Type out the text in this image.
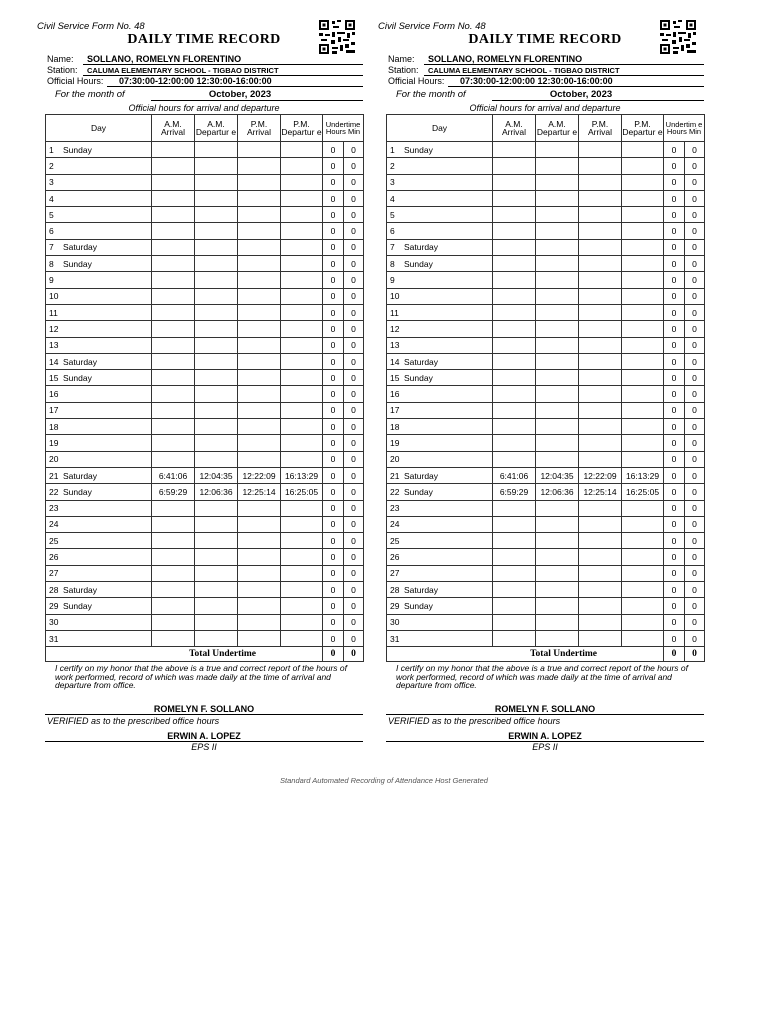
Civil Service Form No. 48
DAILY TIME RECORD
Name: SOLLANO, ROMELYN FLORENTINO
Station: CALUMA ELEMENTARY SCHOOL - TIGBAO DISTRICT
Official Hours: 07:30:00-12:00:00 12:30:00-16:00:00
For the month of	October, 2023
Official hours for arrival and departure
Day	A.M. Arrival	A.M. Departur e	P.M. Arrival	P.M. Departur e	Undertime Hours Min	
1 Sunday					0	0
2					0	0
3					0	0
4					0	0
5					0	0
6					0	0
7 Saturday					0	0
8 Sunday					0	0
9					0	0
10					0	0
11					0	0
12					0	0
13					0	0
14 Saturday					0	0
15 Sunday					0	0
16					0	0
17					0	0
18					0	0
19					0	0
20					0	0
21 Saturday	6:41:06	12:04:35	12:22:09	16:13:29	0	0
22 Sunday	6:59:29	12:06:36	12:25:14	16:25:05	0	0
23					0	0
24					0	0
25					0	0
26					0	0
27					0	0
28 Saturday					0	0
29 Sunday					0	0
30					0	0
31					0	0
Total Undertime					0	0
I certify on my honor that the above is a true and correct report of the hours of work performed, record of which was made daily at the time of arrival and departure from office.
ROMELYN F. SOLLANO
VERIFIED as to the prescribed office hours
ERWIN A. LOPEZ
EPS II
Civil Service Form No. 48
DAILY TIME RECORD
Name: SOLLANO, ROMELYN FLORENTINO
Station: CALUMA ELEMENTARY SCHOOL - TIGBAO DISTRICT
Official Hours: 07:30:00-12:00:00 12:30:00-16:00:00
For the month of	October, 2023
Official hours for arrival and departure
Day	A.M. Arrival	A.M. Departur e	P.M. Arrival	P.M. Departur e	Undertim e Hours Min	
1 Sunday					0	0
2					0	0
3					0	0
4					0	0
5					0	0
6					0	0
7 Saturday					0	0
8 Sunday					0	0
9					0	0
10					0	0
11					0	0
12					0	0
13					0	0
14 Saturday					0	0
15 Sunday					0	0
16					0	0
17					0	0
18					0	0
19					0	0
20					0	0
21 Saturday	6:41:06	12:04:35	12:22:09	16:13:29	0	0
22 Sunday	6:59:29	12:06:36	12:25:14	16:25:05	0	0
23					0	0
24					0	0
25					0	0
26					0	0
27					0	0
28 Saturday					0	0
29 Sunday					0	0
30					0	0
31					0	0
Total Undertime					0	0
I certify on my honor that the above is a true and correct report of the hours of work performed, record of which was made daily at the time of arrival and departure from office.
ROMELYN F. SOLLANO
VERIFIED as to the prescribed office hours
ERWIN A. LOPEZ
EPS II
Standard Automated Recording of Attendance Host Generated
